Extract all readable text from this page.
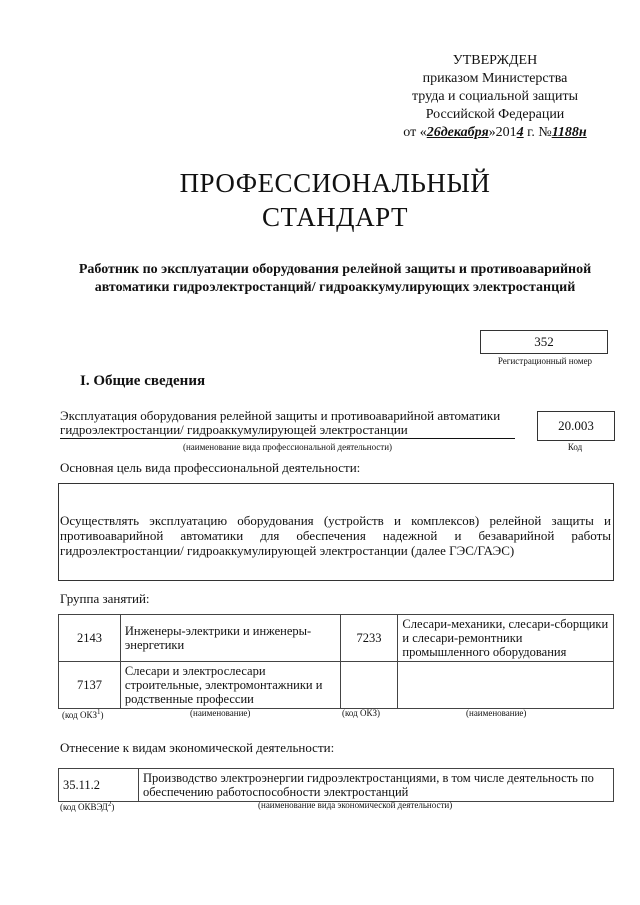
УТВЕРЖДЕН
приказом Министерства
труда и социальной защиты
Российской Федерации
от «26декабря»2014 г. №1188н
ПРОФЕССИОНАЛЬНЫЙ
СТАНДАРТ
Работник по эксплуатации оборудования релейной защиты и противоаварийной автоматики гидроэлектростанций/ гидроаккумулирующих электростанций
352
Регистрационный номер
I. Общие сведения
Эксплуатация оборудования релейной защиты и противоаварийной автоматики гидроэлектростанции/ гидроаккумулирующей электростанции	20.003
(наименование вида профессиональной деятельности)	Код
Основная цель вида профессиональной деятельности:
Осуществлять эксплуатацию оборудования (устройств и комплексов) релейной защиты и противоаварийной автоматики для обеспечения надежной и безаварийной работы гидроэлектростанции/ гидроаккумулирующей электростанции (далее ГЭС/ГАЭС)
Группа занятий:
2143	Инженеры-электрики и инженеры-энергетики	7233	Слесари-механики, слесари-сборщики и слесари-ремонтники промышленного оборудования
7137	Слесари и электрослесари строительные, электромонтажники и родственные профессии		
(код ОКЗ$^1$)	(наименование)	(код ОКЗ)	(наименование)
Отнесение к видам экономической деятельности:
35.11.2	Производство электроэнергии гидроэлектростанциями, в том числе деятельность по обеспечению работоспособности электростанций
(код ОКВЭД$^2$)	(наименование вида экономической деятельности)
